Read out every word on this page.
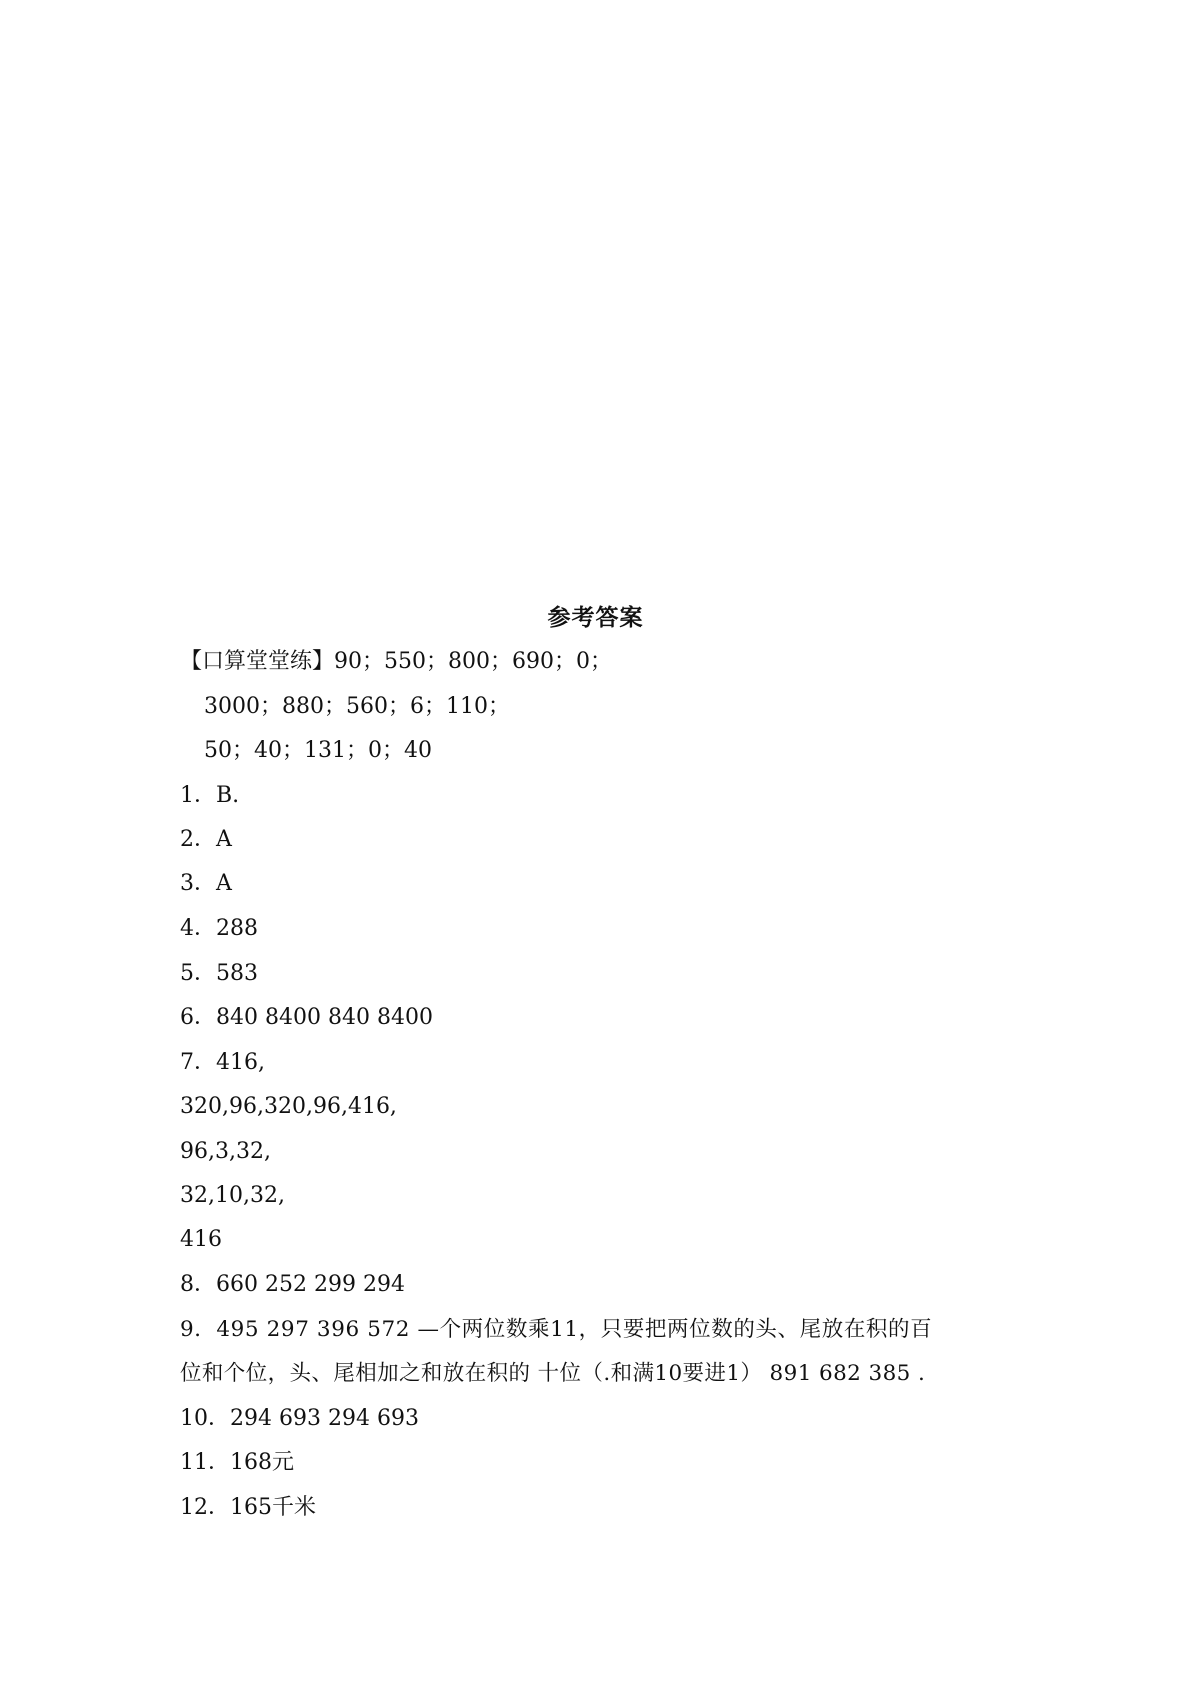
参考答案
【口算堂堂练】90；550；800；690；0；
3000；880；560；6；110；
50；40；131；0；40
1．B.
2．A
3．A
4．288
5．583
6．840 8400 840 8400
7．416,
320,96,320,96,416,
96,3,32,
32,10,32,
416
8．660 252 299 294
9．495 297 396 572 —个两位数乘11，只要把两位数的头、尾放在积的百
位和个位，头、尾相加之和放在积的 十位（.和满10要进1） 891 682 385 .
10．294 693 294 693
11．168元
12．165千米
